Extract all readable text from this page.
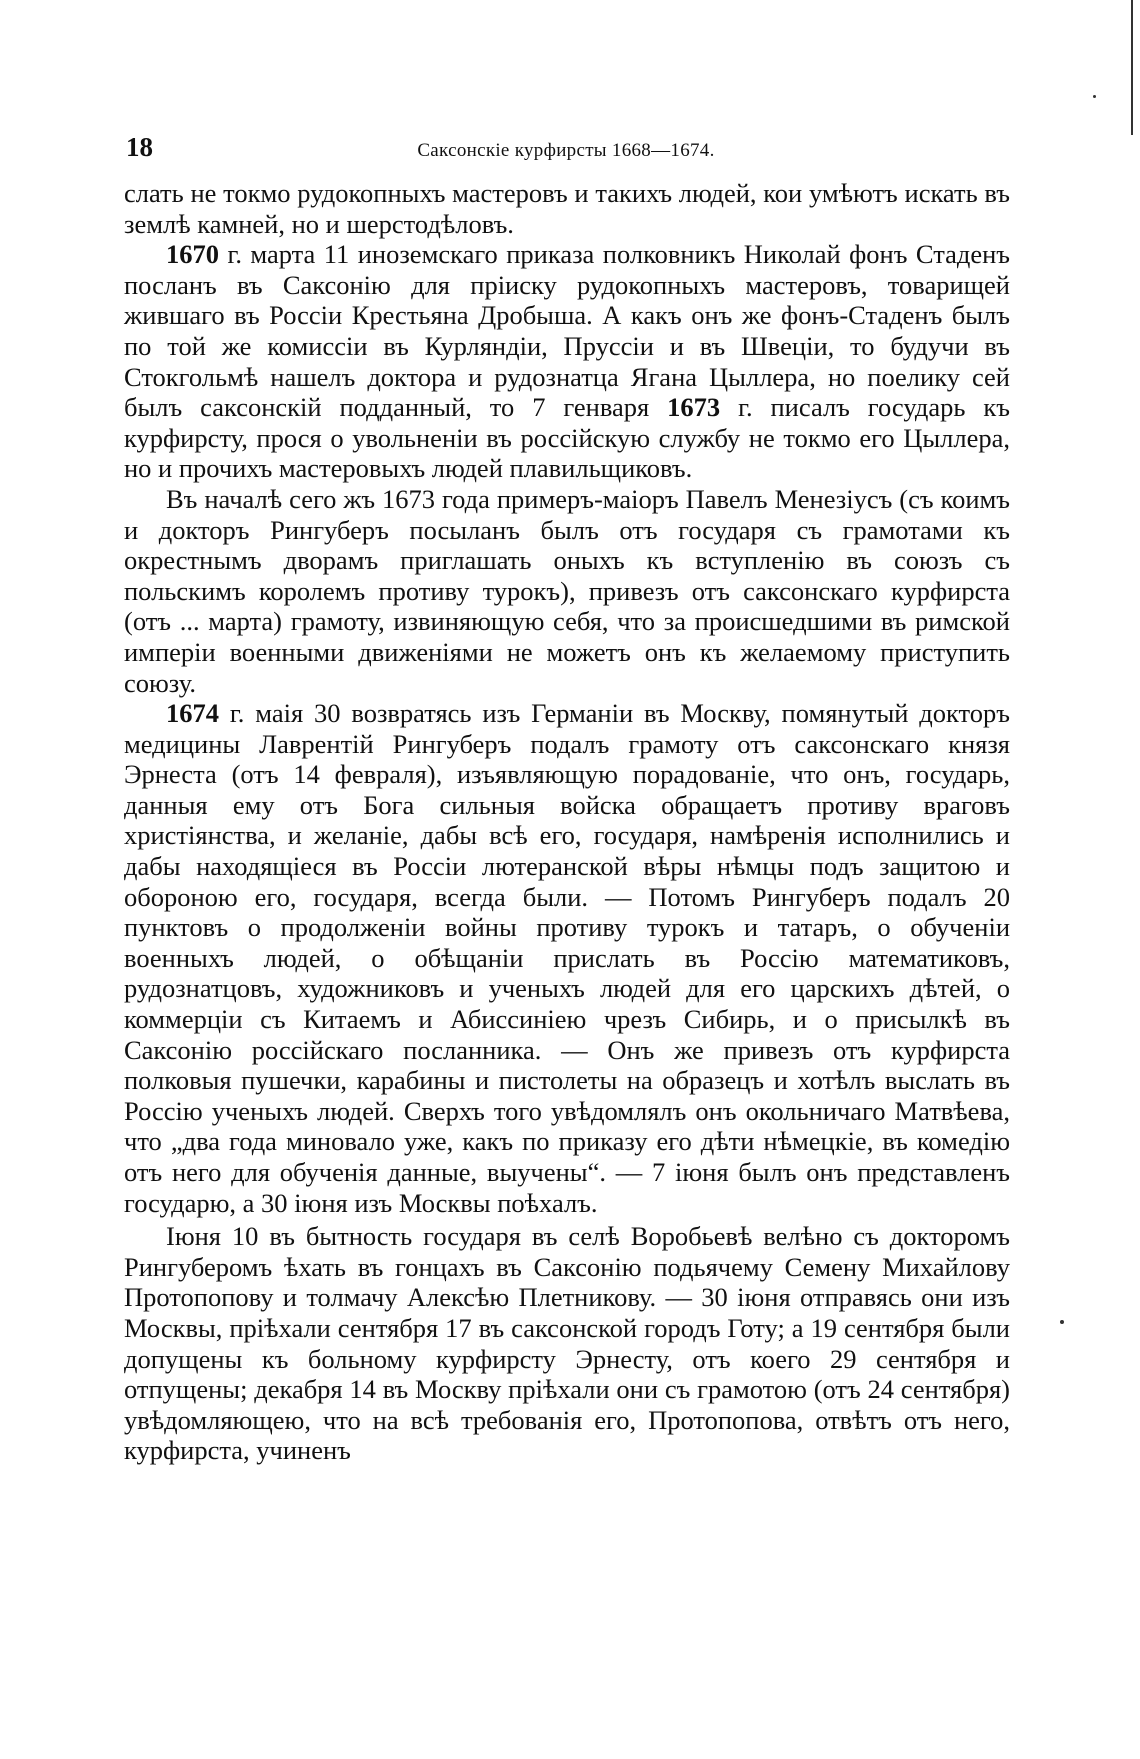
18	Саксонскіе курфирсты 1668—1674.

слать не токмо рудокопныхъ мастеровъ и такихъ людей, кои умѣютъ искать въ землѣ камней, но и шерстодѣловъ.

1670 г. марта 11 иноземскаго приказа полковникъ Николай фонъ Стаденъ посланъ въ Саксонію для пріиску рудокопныхъ мастеровъ, товарищей жившаго въ Россіи Крестьяна Дробыша. А какъ онъ же фонъ-Стаденъ былъ по той же комиссіи въ Курляндіи, Пруссіи и въ Швеціи, то будучи въ Стокгольмѣ нашелъ доктора и рудознатца Ягана Цыллера, но поелику сей былъ саксонскій подданный, то 7 генваря 1673 г. писалъ государь къ курфирсту, прося о увольненіи въ россійскую службу не токмо его Цыллера, но и прочихъ мастеровыхъ людей плавильщиковъ.

Въ началѣ сего жъ 1673 года примеръ-маіоръ Павелъ Менезіусъ (съ коимъ и докторъ Рингуберъ посыланъ былъ отъ государя съ грамотами къ окрестнымъ дворамъ приглашать оныхъ къ вступленію въ союзъ съ польскимъ королемъ противу турокъ), привезъ отъ саксонскаго курфирста (отъ ... марта) грамоту, извиняющую себя, что за происшедшими въ римской имперіи военными движеніями не можетъ онъ къ желаемому приступить союзу.

1674 г. маія 30 возвратясь изъ Германіи въ Москву, помянутый докторъ медицины Лаврентій Рингуберъ подалъ грамоту отъ саксонскаго князя Эрнеста (отъ 14 февраля), изъявляющую порадованіе, что онъ, государь, данныя ему отъ Бога сильныя войска обращаетъ противу враговъ христіянства, и желаніе, дабы всѣ его, государя, намѣренія исполнились и дабы находящіеся въ Россіи лютеранской вѣры нѣмцы подъ защитою и обороною его, государя, всегда были. — Потомъ Рингуберъ подалъ 20 пунктовъ о продолженіи войны противу турокъ и татаръ, о обученіи военныхъ людей, о обѣщаніи прислать въ Россію математиковъ, рудознатцовъ, художниковъ и ученыхъ людей для его царскихъ дѣтей, о коммерціи съ Китаемъ и Абиссиніею чрезъ Сибирь, и о присылкѣ въ Саксонію россійскаго посланника. — Онъ же привезъ отъ курфирста полковыя пушечки, карабины и пистолеты на образецъ и хотѣлъ выслать въ Россію ученыхъ людей. Сверхъ того увѣдомлялъ онъ окольничаго Матвѣева, что „два года миновало уже, какъ по приказу его дѣти нѣмецкіе, въ комедію отъ него для обученія данные, выучены“. — 7 іюня былъ онъ представленъ государю, а 30 іюня изъ Москвы поѣхалъ.

Іюня 10 въ бытность государя въ селѣ Воробьевѣ велѣно съ докторомъ Рингуберомъ ѣхать въ гонцахъ въ Саксонію подьячему Семену Михайлову Протопопову и толмачу Алексѣю Плетникову. — 30 іюня отправясь они изъ Москвы, пріѣхали сентября 17 въ саксонской городъ Готу; а 19 сентября были допущены къ больному курфирсту Эрнесту, отъ коего 29 сентября и отпущены; декабря 14 въ Москву пріѣхали они съ грамотою (отъ 24 сентября) увѣдомляющею, что на всѣ требованія его, Протопопова, отвѣтъ отъ него, курфирста, учиненъ
